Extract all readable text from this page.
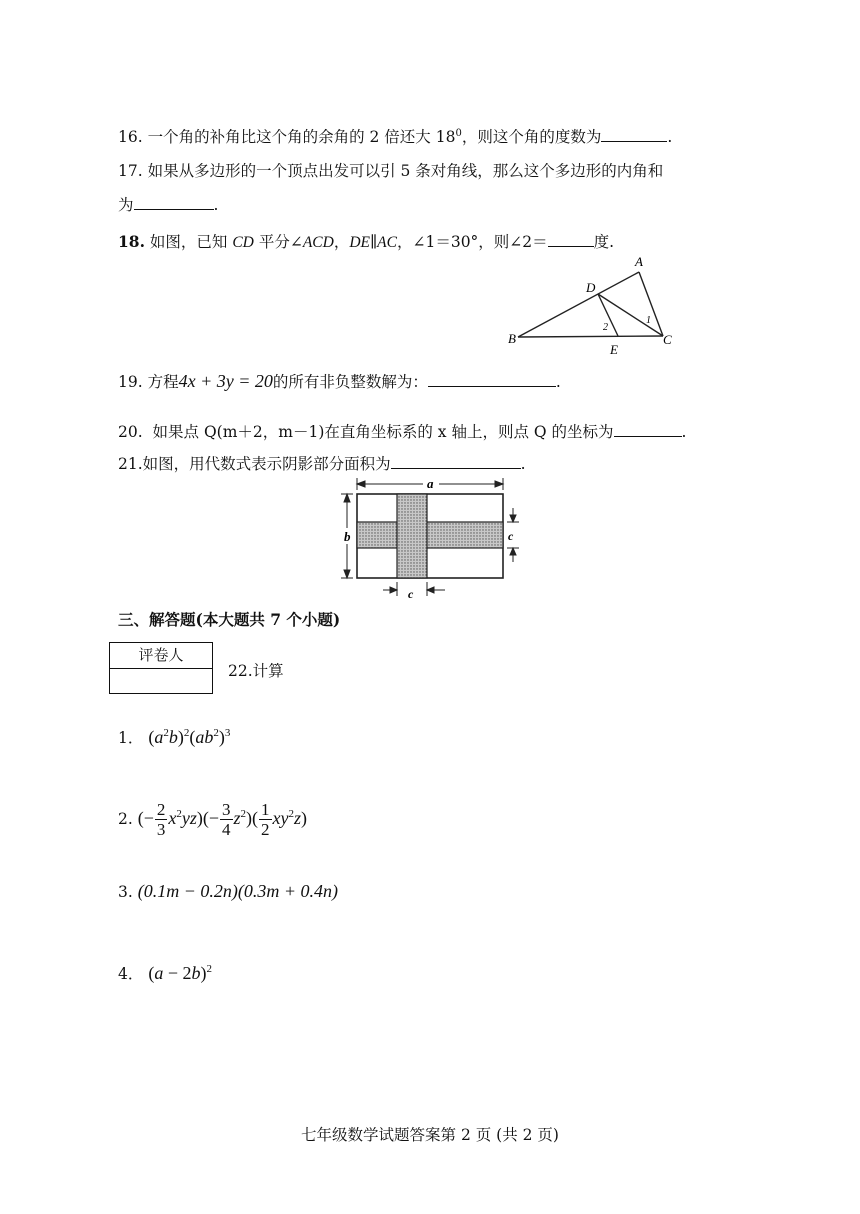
16. 一个角的补角比这个角的余角的 2 倍还大 $18^0$，则这个角的度数为	.
17. 如果从多边形的一个顶点出发可以引 5 条对角线，那么这个多边形的内角和
为	.
18. 如图，已知 CD 平分∠ACD，DE∥AC，∠1＝30°，则∠2＝	度.
A
B	C
D
E
1
2
19. 方程4x + 3y = 20的所有非负整数解为：	.
20. 如果点 Q(m＋2，m－1)在直角坐标系的 x 轴上，则点 Q 的坐标为	.
21.如图，用代数式表示阴影部分面积为	.
a
b	c
c
三、解答题(本大题共 7 个小题)
评卷人
22.计算
1． $(a^2b)^2(ab^2)^3$
2. (− $\frac{2}{3} x^2yz)(- \frac{3}{4} z^2)( \frac{1}{2} xy^2z)$
3. (0.1m − 0.2n)(0.3m + 0.4n)
4． $(a - 2b)^2$
七年级数学试题答案第 2 页 (共 2 页)
